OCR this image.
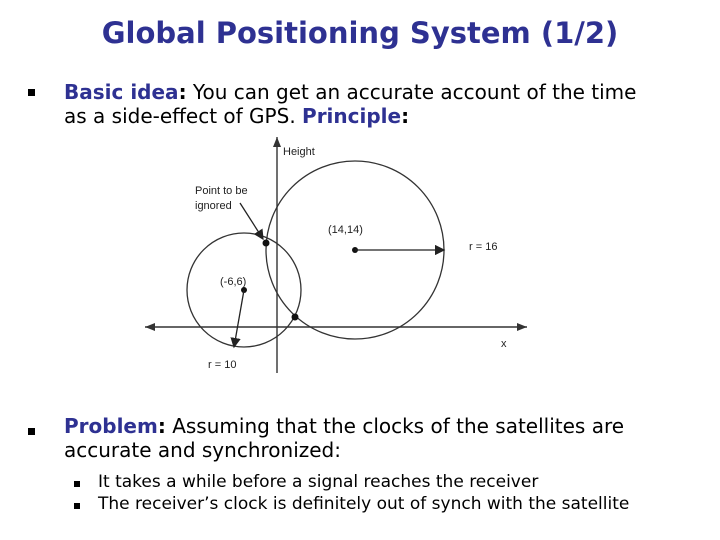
Global Positioning System (1/2)
Basic idea: You can get an accurate account of the time
as a side-effect of GPS. Principle:
Height
Point to be
ignored
(14,14)
r = 16
(-6,6)
x
r = 10
Problem: Assuming that the clocks of the satellites are
accurate and synchronized:
It takes a while before a signal reaches the receiver
The receiver’s clock is definitely out of synch with the satellite
